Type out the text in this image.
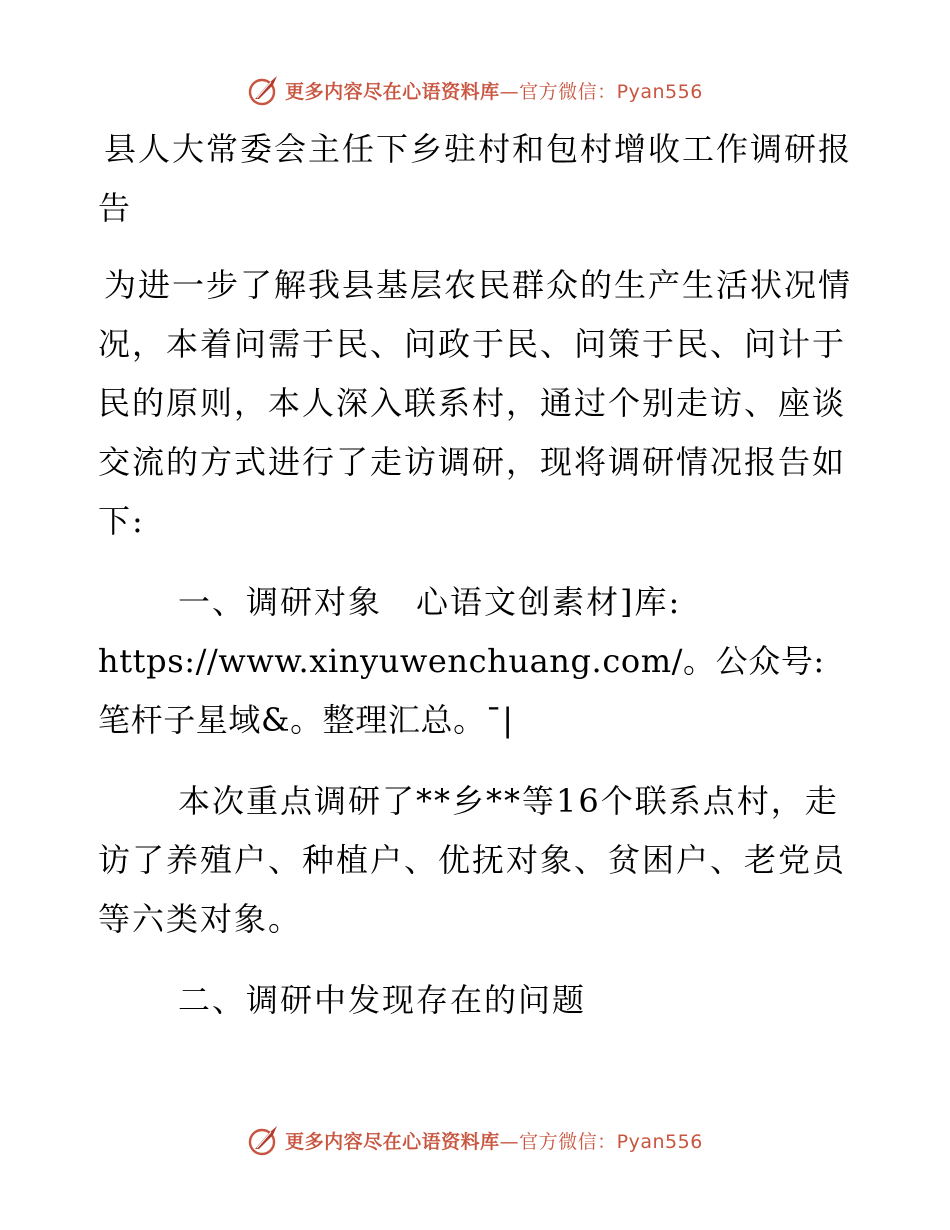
更多内容尽在心语资料库—官方微信：Pyan556

县人大常委会主任下乡驻村和包村增收工作调研报告

为进一步了解我县基层农民群众的生产生活状况情况，本着问需于民、问政于民、问策于民、问计于民的原则，本人深入联系村，通过个别走访、座谈交流的方式进行了走访调研，现将调研情况报告如下:

一、调研对象　心语文创素材]库:

https://www.xinyuwenchuang.com/。公众号: 笔杆子星域&。整理汇总。¯|

本次重点调研了**乡**等16个联系点村，走访了养殖户、种植户、优抚对象、贫困户、老党员等六类对象。

二、调研中发现存在的问题

更多内容尽在心语资料库—官方微信：Pyan556
